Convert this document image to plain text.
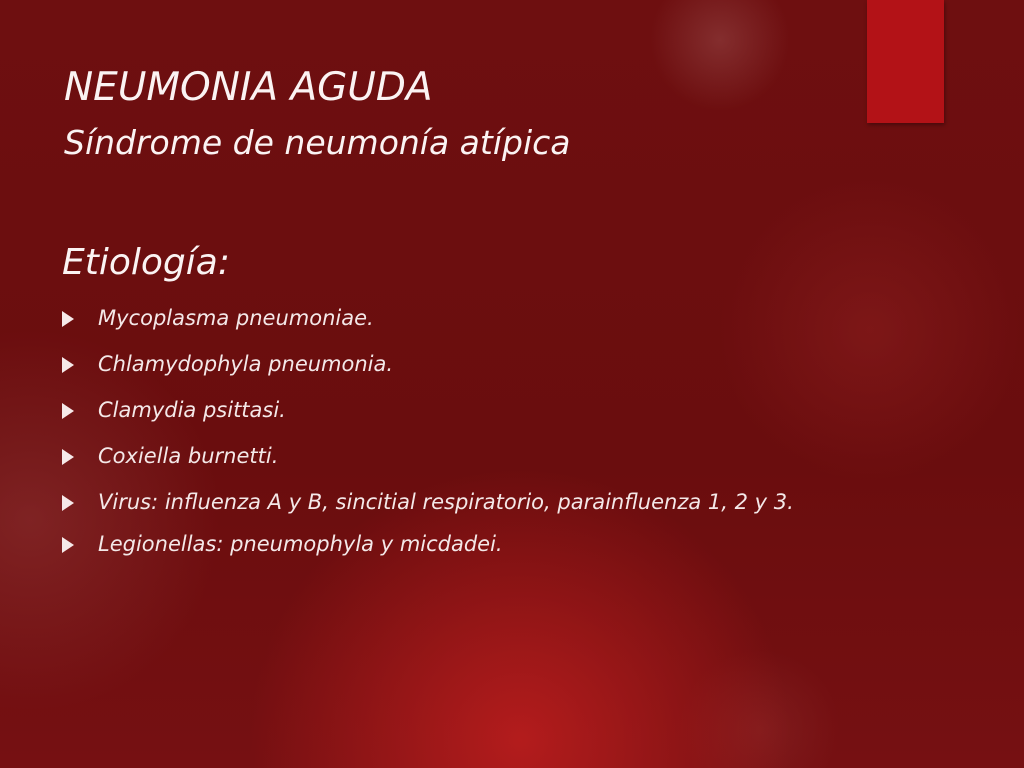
NEUMONIA AGUDA
Síndrome de neumonía atípica
Etiología:
Mycoplasma pneumoniae.
Chlamydophyla pneumonia.
Clamydia psittasi.
Coxiella burnetti.
Virus: influenza A y B, sincitial respiratorio, parainfluenza 1, 2 y 3.
Legionellas: pneumophyla y micdadei.
